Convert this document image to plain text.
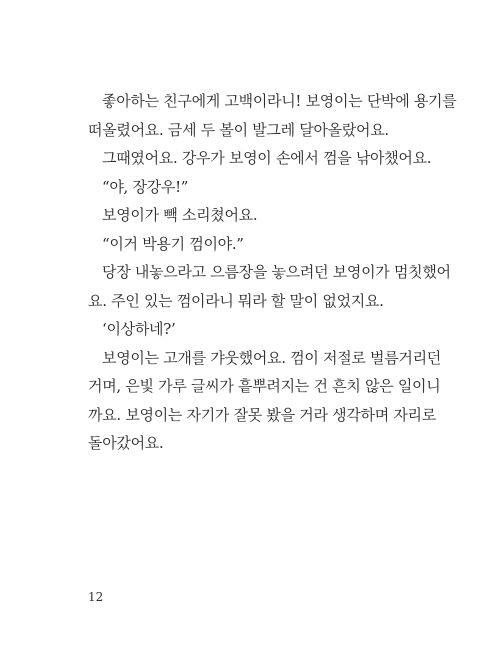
좋아하는 친구에게 고백이라니! 보영이는 단박에 용기를
떠올렸어요. 금세 두 볼이 발그레 달아올랐어요.
그때였어요. 강우가 보영이 손에서 껌을 낚아챘어요.
“야, 장강우!”
보영이가 빽 소리쳤어요.
“이거 박용기 껌이야.”
당장 내놓으라고 으름장을 놓으려던 보영이가 멈칫했어
요. 주인 있는 껌이라니 뭐라 할 말이 없었지요.
‘이상하네?’
보영이는 고개를 갸웃했어요. 껌이 저절로 벌름거리던
거며, 은빛 가루 글씨가 흩뿌려지는 건 흔치 않은 일이니
까요. 보영이는 자기가 잘못 봤을 거라 생각하며 자리로
돌아갔어요.
12
